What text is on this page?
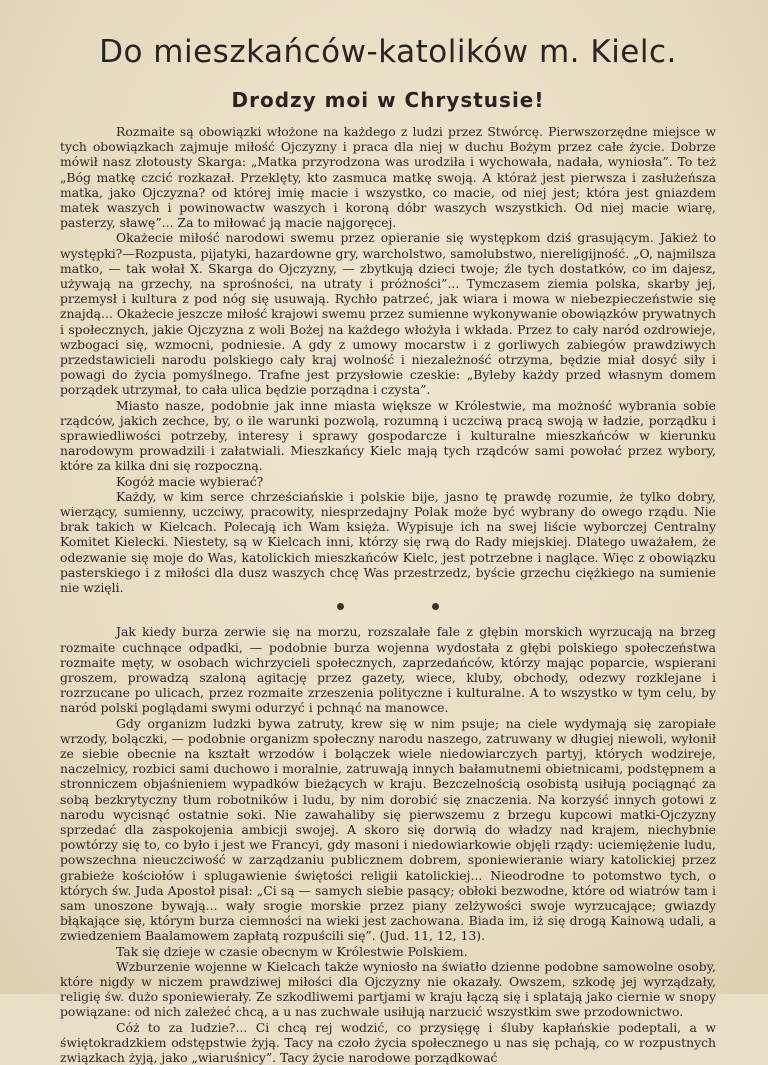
Do mieszkańców-katolików m. Kielc.
Drodzy moi w Chrystusie!

Rozmaite są obowiązki włożone na każdego z ludzi przez Stwórcę. Pierwszorzędne miejsce w tych obowiązkach zajmuje miłość Ojczyzny i praca dla niej w duchu Bożym przez całe życie. Dobrze mówił nasz złotousty Skarga: „Matka przyrodzona was urodziła i wychowała, nadała, wyniosła”. To też „Bóg matkę czcić rozkazał. Przeklęty, kto zasmuca matkę swoją. A któraż jest pierwsza i zasłużeńsza matka, jako Ojczyzna? od której imię macie i wszystko, co macie, od niej jest; która jest gniazdem matek waszych i powinowactw waszych i koroną dóbr waszych wszystkich. Od niej macie wiarę, pasterzy, sławę”... Za to miłować ją macie najgoręcej.

Okażecie miłość narodowi swemu przez opieranie się występkom dziś grasującym. Jakież to występki?—Rozpusta, pijatyki, hazardowne gry, warcholstwo, samolubstwo, niereligijność. „O, najmilsza matko, — tak wołał X. Skarga do Ojczyzny, — zbytkują dzieci twoje; źle tych dostatków, co im dajesz, używają na grzechy, na sprośności, na utraty i próżności”... Tymczasem ziemia polska, skarby jej, przemysł i kultura z pod nóg się usuwają. Rychło patrzeć, jak wiara i mowa w niebezpieczeństwie się znajdą... Okażecie jeszcze miłość krajowi swemu przez sumienne wykonywanie obowiązków prywatnych i społecznych, jakie Ojczyzna z woli Bożej na każdego włożyła i wkłada. Przez to cały naród ozdrowieje, wzbogaci się, wzmocni, podniesie. A gdy z umowy mocarstw i z gorliwych zabiegów prawdziwych przedstawicieli narodu polskiego cały kraj wolność i niezależność otrzyma, będzie miał dosyć siły i powagi do życia pomyślnego. Trafne jest przysłowie czeskie: „Byleby każdy przed własnym domem porządek utrzymał, to cała ulica będzie porządna i czysta”.

Miasto nasze, podobnie jak inne miasta większe w Królestwie, ma możność wybrania sobie rządców, jakich zechce, by, o ile warunki pozwolą, rozumną i uczciwą pracą swoją w ładzie, porządku i sprawiedliwości potrzeby, interesy i sprawy gospodarcze i kulturalne mieszkańców w kierunku narodowym prowadzili i załatwiali. Mieszkańcy Kielc mają tych rządców sami powołać przez wybory, które za kilka dni się rozpoczną.

Kogóż macie wybierać?

Każdy, w kim serce chrześciańskie i polskie bije, jasno tę prawdę rozumie, że tylko dobry, wierzący, sumienny, uczciwy, pracowity, niesprzedajny Polak może być wybrany do owego rządu. Nie brak takich w Kielcach. Polecają ich Wam księża. Wypisuje ich na swej liście wyborczej Centralny Komitet Kielecki. Niestety, są w Kielcach inni, którzy się rwą do Rady miejskiej. Dlatego uważałem, że odezwanie się moje do Was, katolickich mieszkańców Kielc, jest potrzebne i naglące. Więc z obowiązku pasterskiego i z miłości dla dusz waszych chcę Was przestrzedz, byście grzechu ciężkiego na sumienie nie wzięli.

Jak kiedy burza zerwie się na morzu, rozszalałe fale z głębin morskich wyrzucają na brzeg rozmaite cuchnące odpadki, — podobnie burza wojenna wydostała z głębi polskiego społeczeństwa rozmaite męty, w osobach wichrzycieli społecznych, zaprzedańców, którzy mając poparcie, wspierani groszem, prowadzą szaloną agitację przez gazety, wiece, kluby, obchody, odezwy rozklejane i rozrzucane po ulicach, przez rozmaite zrzeszenia polityczne i kulturalne. A to wszystko w tym celu, by naród polski poglądami swymi odurzyć i pchnąć na manowce.

Gdy organizm ludzki bywa zatruty, krew się w nim psuje; na ciele wydymają się zaropiałe wrzody, bolączki, — podobnie organizm społeczny narodu naszego, zatruwany w długiej niewoli, wyłonił ze siebie obecnie na kształt wrzodów i bolączek wiele niedowiarczych partyj, których wodzireje, naczelnicy, rozbici sami duchowo i moralnie, zatruwają innych bałamutnemi obietnicami, podstępnem a stronniczem objaśnieniem wypadków bieżących w kraju. Bezczelnością osobistą usiłują pociągnąć za sobą bezkrytyczny tłum robotników i ludu, by nim dorobić się znaczenia. Na korzyść innych gotowi z narodu wycisnąć ostatnie soki. Nie zawahaliby się pierwszemu z brzegu kupcowi matki-Ojczyzny sprzedać dla zaspokojenia ambicji swojej. A skoro się dorwią do władzy nad krajem, niechybnie powtórzy się to, co było i jest we Francyi, gdy masoni i niedowiarkowie objęli rządy: uciemiężenie ludu, powszechna nieuczciwość w zarządzaniu publicznem dobrem, sponiewieranie wiary katolickiej przez grabieże kościołów i splugawienie świętości religii katolickiej... Nieodrodne to potomstwo tych, o których św. Juda Apostoł pisał: „Ci są — samych siebie pasący; obłoki bezwodne, które od wiatrów tam i sam unoszone bywają... wały srogie morskie przez piany zelżywości swoje wyrzucające; gwiazdy błąkające się, którym burza ciemności na wieki jest zachowana. Biada im, iż się drogą Kainową udali, a zwiedzeniem Baalamowem zapłatą rozpuścili się”. (Jud. 11, 12, 13).

Tak się dzieje w czasie obecnym w Królestwie Polskiem.

Wzburzenie wojenne w Kielcach także wyniosło na światło dzienne podobne samowolne osoby, które nigdy w niczem prawdziwej miłości dla Ojczyzny nie okazały. Owszem, szkodę jej wyrządzały, religię św. dużo sponiewierały. Ze szkodliwemi partjami w kraju łączą się i splatają jako ciernie w snopy powiązane: od nich zależeć chcą, a u nas zuchwale usiłują narzucić wszystkim swe przodownictwo.

Cóż to za ludzie?... Ci chcą rej wodzić, co przysięgę i śluby kapłańskie podeptali, a w świętokradzkiem odstępstwie żyją. Tacy na czoło życia społecznego u nas się pchają, co w rozpustnych związkach żyją, jako „wiaruśnicy”. Tacy życie narodowe porządkować
